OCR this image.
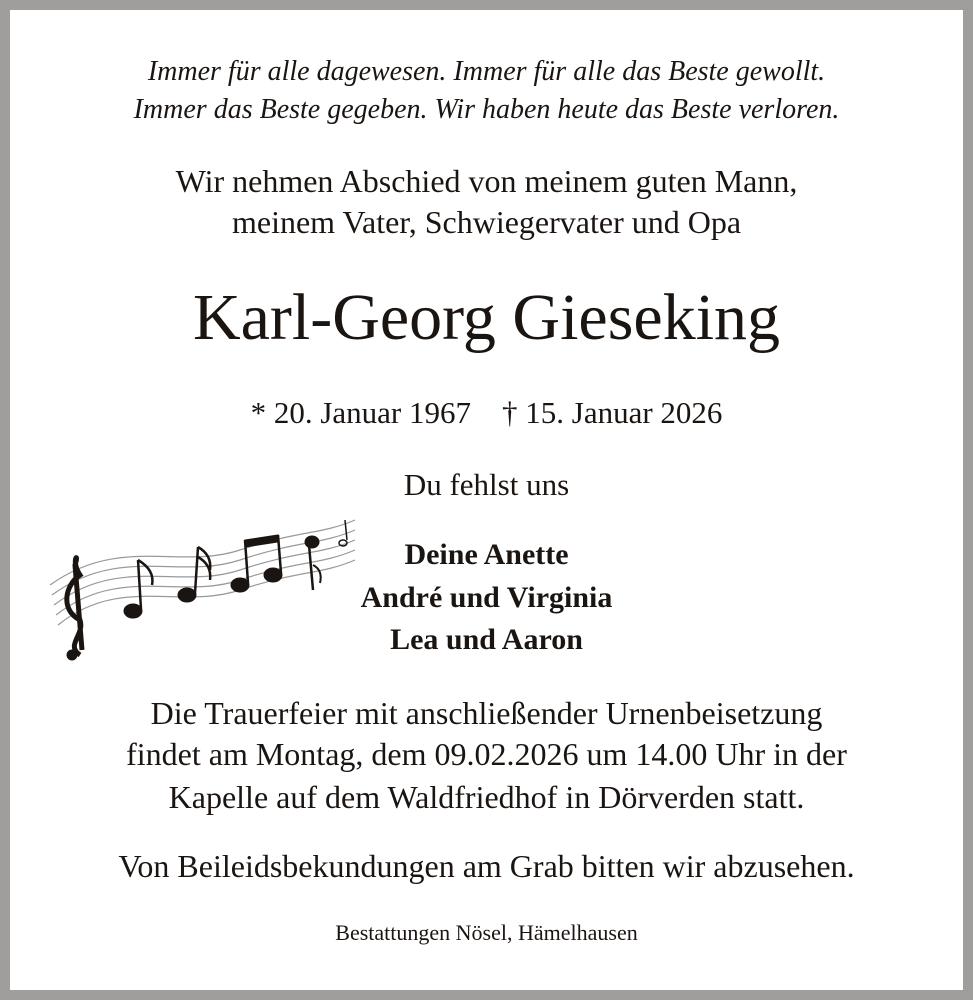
Immer für alle dagewesen. Immer für alle das Beste gewollt.
Immer das Beste gegeben. Wir haben heute das Beste verloren.
Wir nehmen Abschied von meinem guten Mann,
meinem Vater, Schwiegervater und Opa
Karl-Georg Gieseking
* 20. Januar 1967 † 15. Januar 2026
Du fehlst uns
Deine Anette
André und Virginia
Lea und Aaron
Die Trauerfeier mit anschließender Urnenbeisetzung
findet am Montag, dem 09.02.2026 um 14.00 Uhr in der
Kapelle auf dem Waldfriedhof in Dörverden statt.
Von Beileidsbekundungen am Grab bitten wir abzusehen.
Bestattungen Nösel, Hämelhausen
